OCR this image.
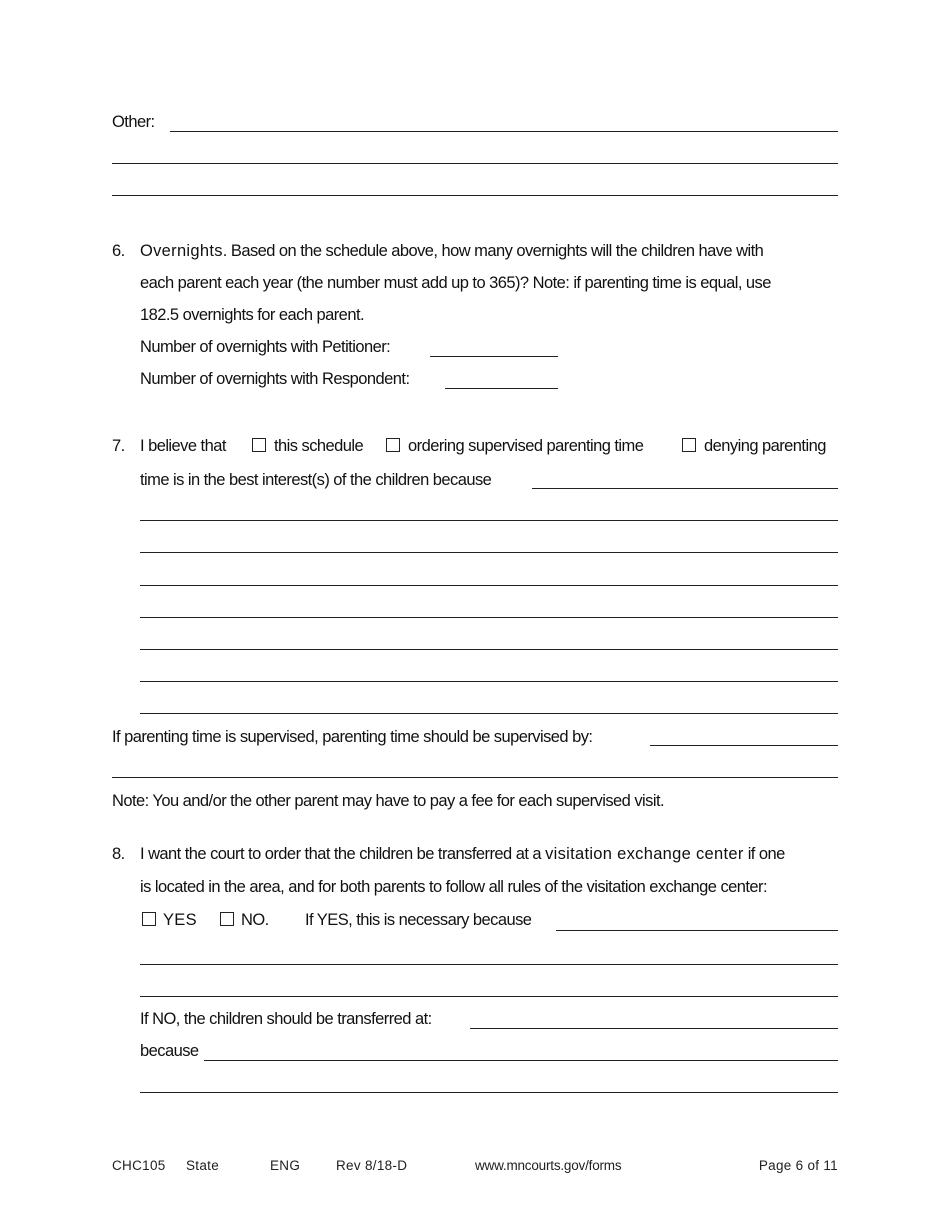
Other:
6. Overnights. Based on the schedule above, how many overnights will the children have with
each parent each year (the number must add up to 365)? Note: if parenting time is equal, use
182.5 overnights for each parent.
Number of overnights with Petitioner:
Number of overnights with Respondent:
7. I believe that	this schedule	ordering supervised parenting time	denying parenting
time is in the best interest(s) of the children because
If parenting time is supervised, parenting time should be supervised by:
Note: You and/or the other parent may have to pay a fee for each supervised visit.
8. I want the court to order that the children be transferred at a visitation exchange center if one
is located in the area, and for both parents to follow all rules of the visitation exchange center:
YES	NO. If YES, this is necessary because
If NO, the children should be transferred at:
because
CHC105 State	ENG	Rev 8/18-D	www.mncourts.gov/forms	Page 6 of 11
